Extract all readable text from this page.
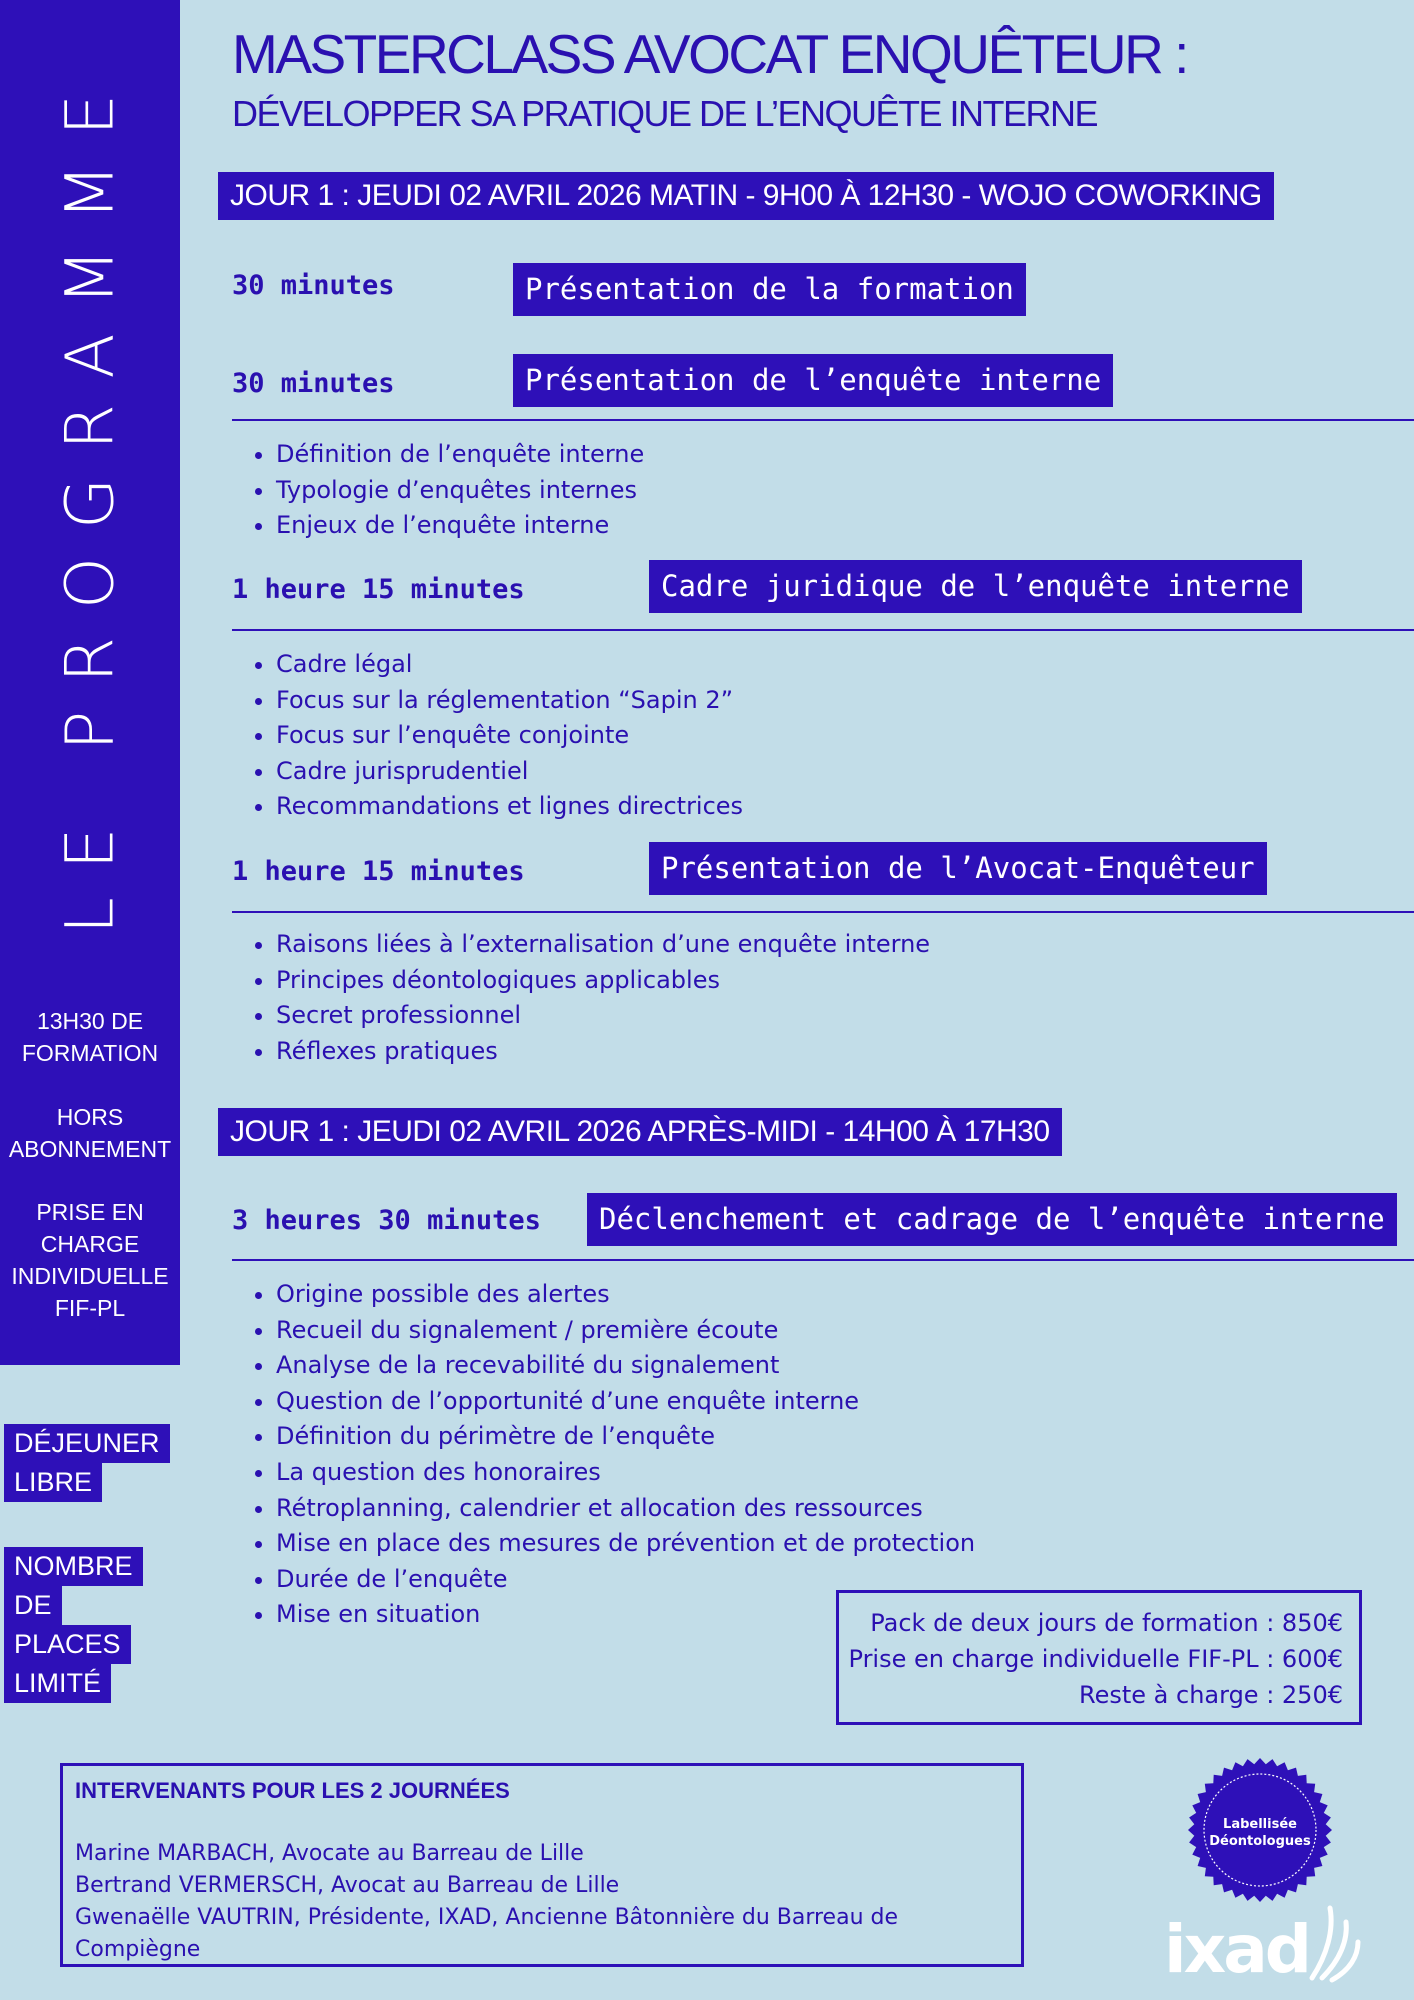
LE PROGRAMME
13H30 DE
FORMATION
HORS
ABONNEMENT
PRISE EN
CHARGE
INDIVIDUELLE
FIF-PL
DÉJEUNER
LIBRE
NOMBRE
DE
PLACES
LIMITÉ
MASTERCLASS AVOCAT ENQUÊTEUR :
DÉVELOPPER SA PRATIQUE DE L’ENQUÊTE INTERNE
JOUR 1 : JEUDI 02 AVRIL 2026 MATIN - 9H00 À 12H30 - WOJO COWORKING
30 minutes	Présentation de la formation
30 minutes	Présentation de l’enquête interne
• Définition de l’enquête interne
• Typologie d’enquêtes internes
• Enjeux de l’enquête interne
1 heure 15 minutes	Cadre juridique de l’enquête interne
• Cadre légal
• Focus sur la réglementation “Sapin 2”
• Focus sur l’enquête conjointe
• Cadre jurisprudentiel
• Recommandations et lignes directrices
1 heure 15 minutes	Présentation de l’Avocat-Enquêteur
• Raisons liées à l’externalisation d’une enquête interne
• Principes déontologiques applicables
• Secret professionnel
• Réflexes pratiques
JOUR 1 : JEUDI 02 AVRIL 2026 APRÈS-MIDI - 14H00 À 17H30
3 heures 30 minutes	Déclenchement et cadrage de l’enquête interne
• Origine possible des alertes
• Recueil du signalement / première écoute
• Analyse de la recevabilité du signalement
• Question de l’opportunité d’une enquête interne
• Définition du périmètre de l’enquête
• La question des honoraires
• Rétroplanning, calendrier et allocation des ressources
• Mise en place des mesures de prévention et de protection
• Durée de l’enquête
• Mise en situation	Pack de deux jours de formation : 850€
Prise en charge individuelle FIF-PL : 600€
Reste à charge : 250€
INTERVENANTS POUR LES 2 JOURNÉES
Marine MARBACH, Avocate au Barreau de Lille
Bertrand VERMERSCH, Avocat au Barreau de Lille
Gwenaëlle VAUTRIN, Présidente, IXAD, Ancienne Bâtonnière du Barreau de Compiègne
Labellisée
Déontologues
ixad
